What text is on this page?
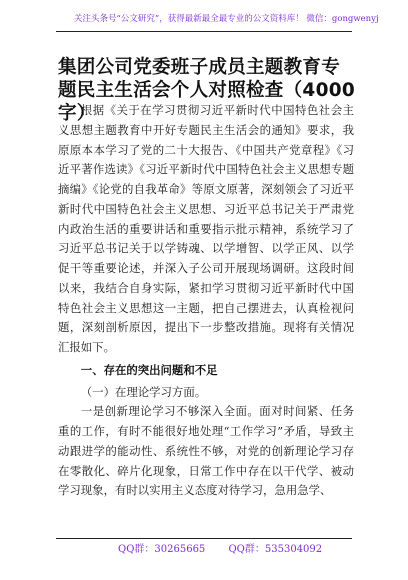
关注头条号“公文研究”，获得最新最全最专业的公文资料库！ 微信：gongwenyj
集团公司党委班子成员主题教育专题民主生活会个人对照检查（4000字）

根据《关于在学习贯彻习近平新时代中国特色社会主义思想主题教育中开好专题民主生活会的通知》要求，我原原本本学习了党的二十大报告、《中国共产党章程》《习近平著作选读》《习近平新时代中国特色社会主义思想专题摘编》《论党的自我革命》等原文原著，深刻领会了习近平新时代中国特色社会主义思想、习近平总书记关于严肃党内政治生活的重要讲话和重要指示批示精神，系统学习了习近平总书记关于以学铸魂、以学增智、以学正风、以学促干等重要论述，并深入子公司开展现场调研。这段时间以来，我结合自身实际，紧扣学习贯彻习近平新时代中国特色社会主义思想这一主题，把自己摆进去，认真检视问题，深刻剖析原因，提出下一步整改措施。现将有关情况汇报如下。

一、存在的突出问题和不足

（一）在理论学习方面。

一是创新理论学习不够深入全面。面对时间紧、任务重的工作，有时不能很好地处理“工作学习”矛盾，导致主动跟进学的能动性、系统性不够，对党的创新理论学习存在零散化、碎片化现象，日常工作中存在以干代学、被动学习现象，有时以实用主义态度对待学习，急用急学、

QQ群：30265665 QQ群：535304092
